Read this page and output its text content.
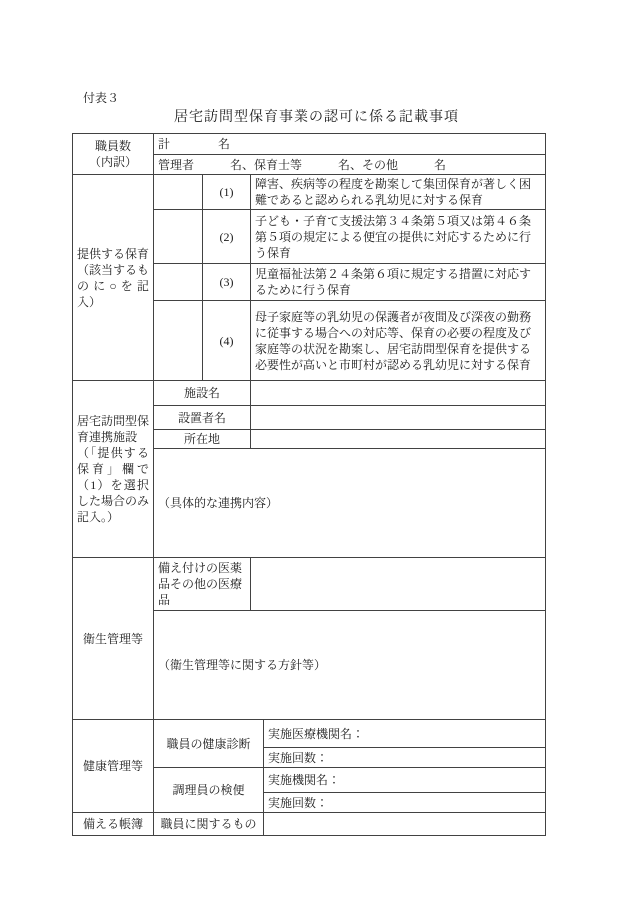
付表３
居宅訪問型保育事業の認可に係る記載事項
職員数
（内訳）	計　　　　名			
	管理者　　　名、保育士等　　　名、その他　　　名			

提供する保育（該当するものに○を記入）		(1)	障害、疾病等の程度を勘案して集団保育が著しく困難であると認められる乳幼児に対する保育	
		(2)	子ども・子育て支援法第３４条第５項又は第４６条第５項の規定による便宜の提供に対応するために行う保育	
		(3)	児童福祉法第２４条第６項に規定する措置に対応するために行う保育	
		(4)	母子家庭等の乳幼児の保護者が夜間及び深夜の勤務に従事する場合への対応等、保育の必要の程度及び家庭等の状況を勘案し、居宅訪問型保育を提供する必要性が高いと市町村が認める乳幼児に対する保育	

居宅訪問型保育連携施設
（「提供する保育」欄で（1）を選択した場合のみ記入。）	施設名			
	設置者名			
	所在地			
	（具体的な連携内容）			
衛生管理等	備え付けの医薬品その他の医療品			
	（衛生管理等に関する方針等）			
健康管理等	職員の健康診断			実施医療機関名：
				実施回数：
	調理員の検便			実施機関名：
				実施回数：
備える帳簿	職員に関するもの			
